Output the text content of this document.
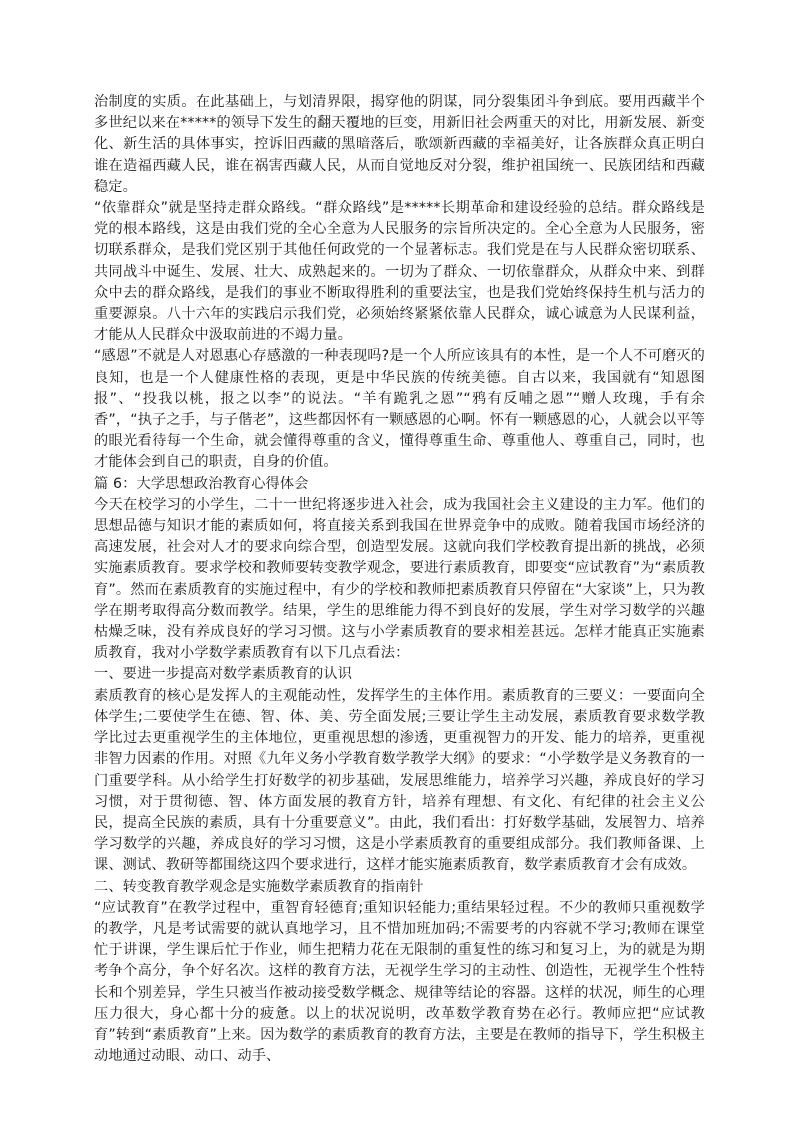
治制度的实质。在此基础上，与划清界限，揭穿他的阴谋，同分裂集团斗争到底。要用西藏半个多世纪以来在*****的领导下发生的翻天覆地的巨变，用新旧社会两重天的对比，用新发展、新变化、新生活的具体事实，控诉旧西藏的黑暗落后，歌颂新西藏的幸福美好，让各族群众真正明白谁在造福西藏人民，谁在祸害西藏人民，从而自觉地反对分裂，维护祖国统一、民族团结和西藏稳定。

“依靠群众”就是坚持走群众路线。“群众路线”是*****长期革命和建设经验的总结。群众路线是党的根本路线，这是由我们党的全心全意为人民服务的宗旨所决定的。全心全意为人民服务，密切联系群众，是我们党区别于其他任何政党的一个显著标志。我们党是在与人民群众密切联系、共同战斗中诞生、发展、壮大、成熟起来的。一切为了群众、一切依靠群众，从群众中来、到群众中去的群众路线，是我们的事业不断取得胜利的重要法宝，也是我们党始终保持生机与活力的重要源泉。八十六年的实践启示我们党，必须始终紧紧依靠人民群众，诚心诚意为人民谋利益，才能从人民群众中汲取前进的不竭力量。

“感恩”不就是人对恩惠心存感激的一种表现吗?是一个人所应该具有的本性，是一个人不可磨灭的良知，也是一个人健康性格的表现，更是中华民族的传统美德。自古以来，我国就有“知恩图报”、“投我以桃，报之以李”的说法。“羊有跪乳之恩”“鸦有反哺之恩”“赠人玫瑰，手有余香”，“执子之手，与子偕老”，这些都因怀有一颗感恩的心啊。怀有一颗感恩的心，人就会以平等的眼光看待每一个生命，就会懂得尊重的含义，懂得尊重生命、尊重他人、尊重自己，同时，也才能体会到自己的职责，自身的价值。

篇 6：大学思想政治教育心得体会

今天在校学习的小学生，二十一世纪将逐步进入社会，成为我国社会主义建设的主力军。他们的思想品德与知识才能的素质如何，将直接关系到我国在世界竞争中的成败。随着我国市场经济的高速发展，社会对人才的要求向综合型，创造型发展。这就向我们学校教育提出新的挑战，必须实施素质教育。要求学校和教师要转变教学观念，要进行素质教育，即要变“应试教育”为“素质教育”。然而在素质教育的实施过程中，有少的学校和教师把素质教育只停留在“大家谈”上，只为教学在期考取得高分数而教学。结果，学生的思维能力得不到良好的发展，学生对学习数学的兴趣枯燥乏味，没有养成良好的学习习惯。这与小学素质教育的要求相差甚远。怎样才能真正实施素质教育，我对小学数学素质教育有以下几点看法：

一、要进一步提高对数学素质教育的认识

素质教育的核心是发挥人的主观能动性，发挥学生的主体作用。素质教育的三要义：一要面向全体学生;二要使学生在德、智、体、美、劳全面发展;三要让学生主动发展，素质教育要求数学教学比过去更重视学生的主体地位，更重视思想的渗透，更重视智力的开发、能力的培养，更重视非智力因素的作用。对照《九年义务小学教育数学教学大纲》的要求：“小学数学是义务教育的一门重要学科。从小给学生打好数学的初步基础，发展思维能力，培养学习兴趣，养成良好的学习习惯，对于贯彻德、智、体方面发展的教育方针，培养有理想、有文化、有纪律的社会主义公民，提高全民族的素质，具有十分重要意义”。由此，我们看出：打好数学基础，发展智力、培养学习数学的兴趣，养成良好的学习习惯，这是小学素质教育的重要组成部分。我们教师备课、上课、测试、教研等都围绕这四个要求进行，这样才能实施素质教育，数学素质教育才会有成效。

二、转变教育教学观念是实施数学素质教育的指南针

“应试教育”在教学过程中，重智育轻德育;重知识轻能力;重结果轻过程。不少的教师只重视数学的教学，凡是考试需要的就认真地学习，且不惜加班加码;不需要考的内容就不学习;教师在课堂忙于讲课，学生课后忙于作业，师生把精力花在无限制的重复性的练习和复习上，为的就是为期考争个高分，争个好名次。这样的教育方法，无视学生学习的主动性、创造性，无视学生个性特长和个别差异，学生只被当作被动接受数学概念、规律等结论的容器。这样的状况，师生的心理压力很大，身心都十分的疲惫。以上的状况说明，改革数学教育势在必行。教师应把“应试教育”转到“素质教育”上来。因为数学的素质教育的教育方法，主要是在教师的指导下，学生积极主动地通过动眼、动口、动手、
